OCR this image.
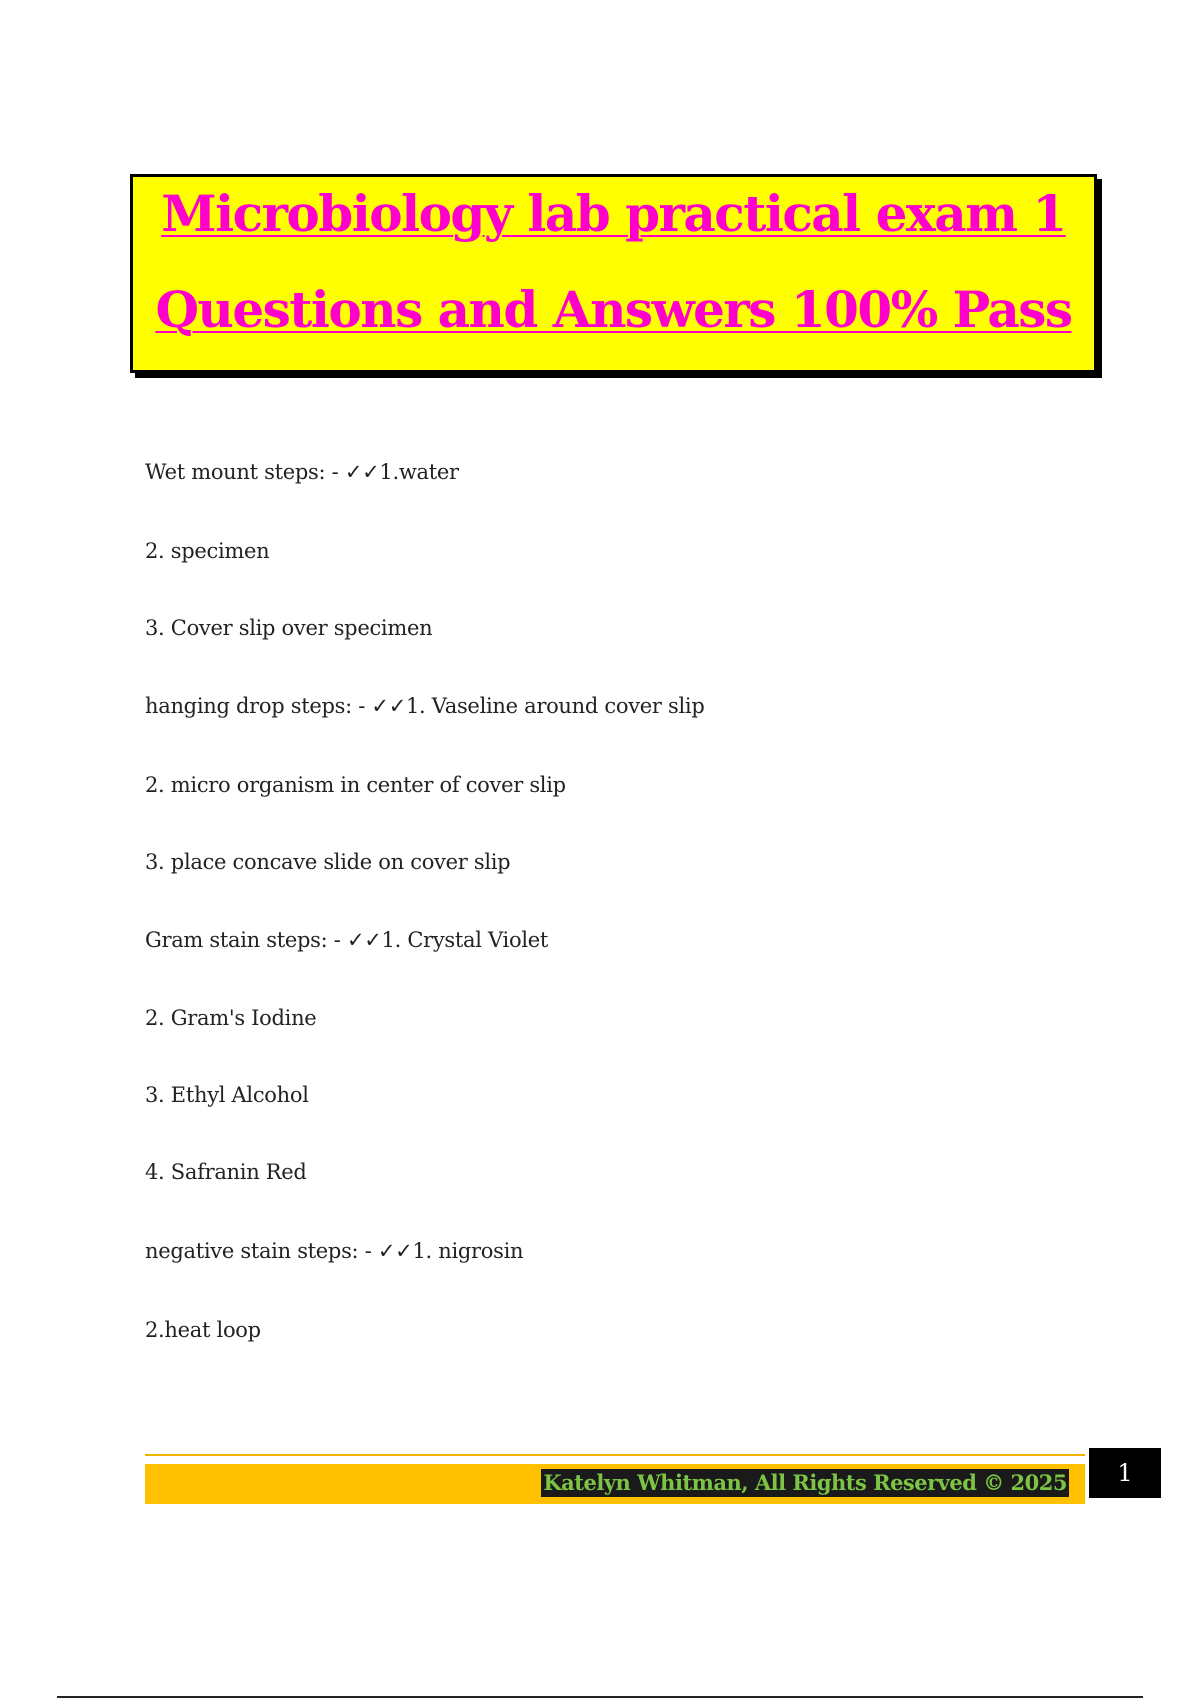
Microbiology lab practical exam 1
Questions and Answers 100% Pass
Wet mount steps: - ✓✓1.water
2. specimen
3. Cover slip over specimen
hanging drop steps: - ✓✓1. Vaseline around cover slip
2. micro organism in center of cover slip
3. place concave slide on cover slip
Gram stain steps: - ✓✓1. Crystal Violet
2. Gram's Iodine
3. Ethyl Alcohol
4. Safranin Red
negative stain steps: - ✓✓1. nigrosin
2.heat loop
Katelyn Whitman, All Rights Reserved © 2025	1
